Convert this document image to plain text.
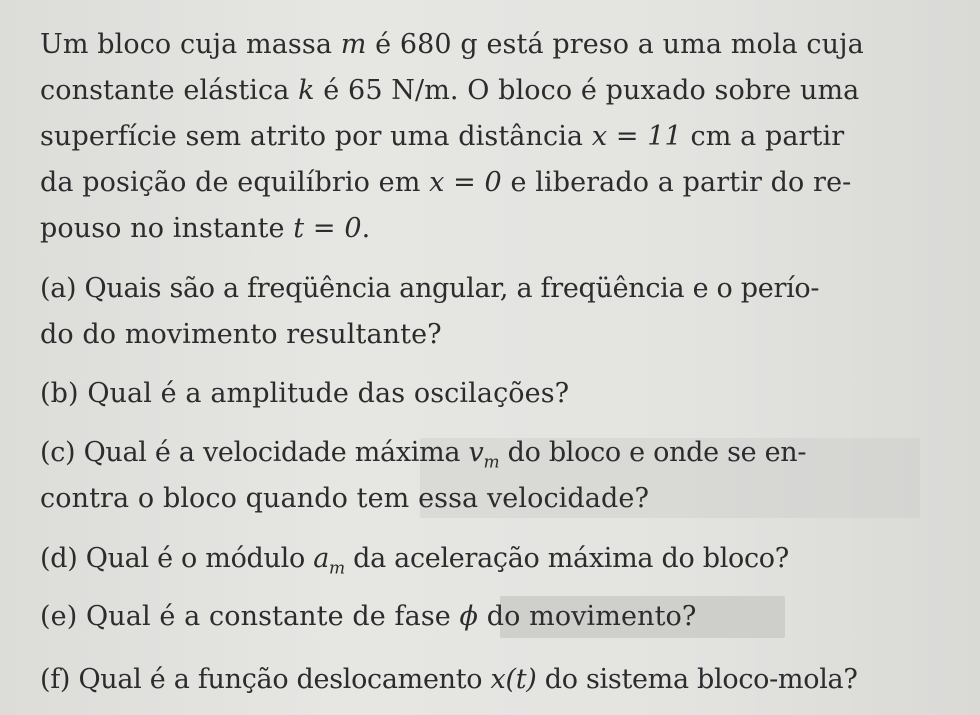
Um bloco cuja massa m é 680 g está preso a uma mola cuja
constante elástica k é 65 N/m. O bloco é puxado sobre uma
superfície sem atrito por uma distância x = 11 cm a partir
da posição de equilíbrio em x = 0 e liberado a partir do re-
pouso no instante t = 0.
(a) Quais são a freqüência angular, a freqüência e o perío-
do do movimento resultante?
(b) Qual é a amplitude das oscilações?
(c) Qual é a velocidade máxima $v_m$ do bloco e onde se en-
contra o bloco quando tem essa velocidade?
(d) Qual é o módulo $a_m$ da aceleração máxima do bloco?
(e) Qual é a constante de fase ϕ do movimento?
(f) Qual é a função deslocamento x(t) do sistema bloco-mola?
